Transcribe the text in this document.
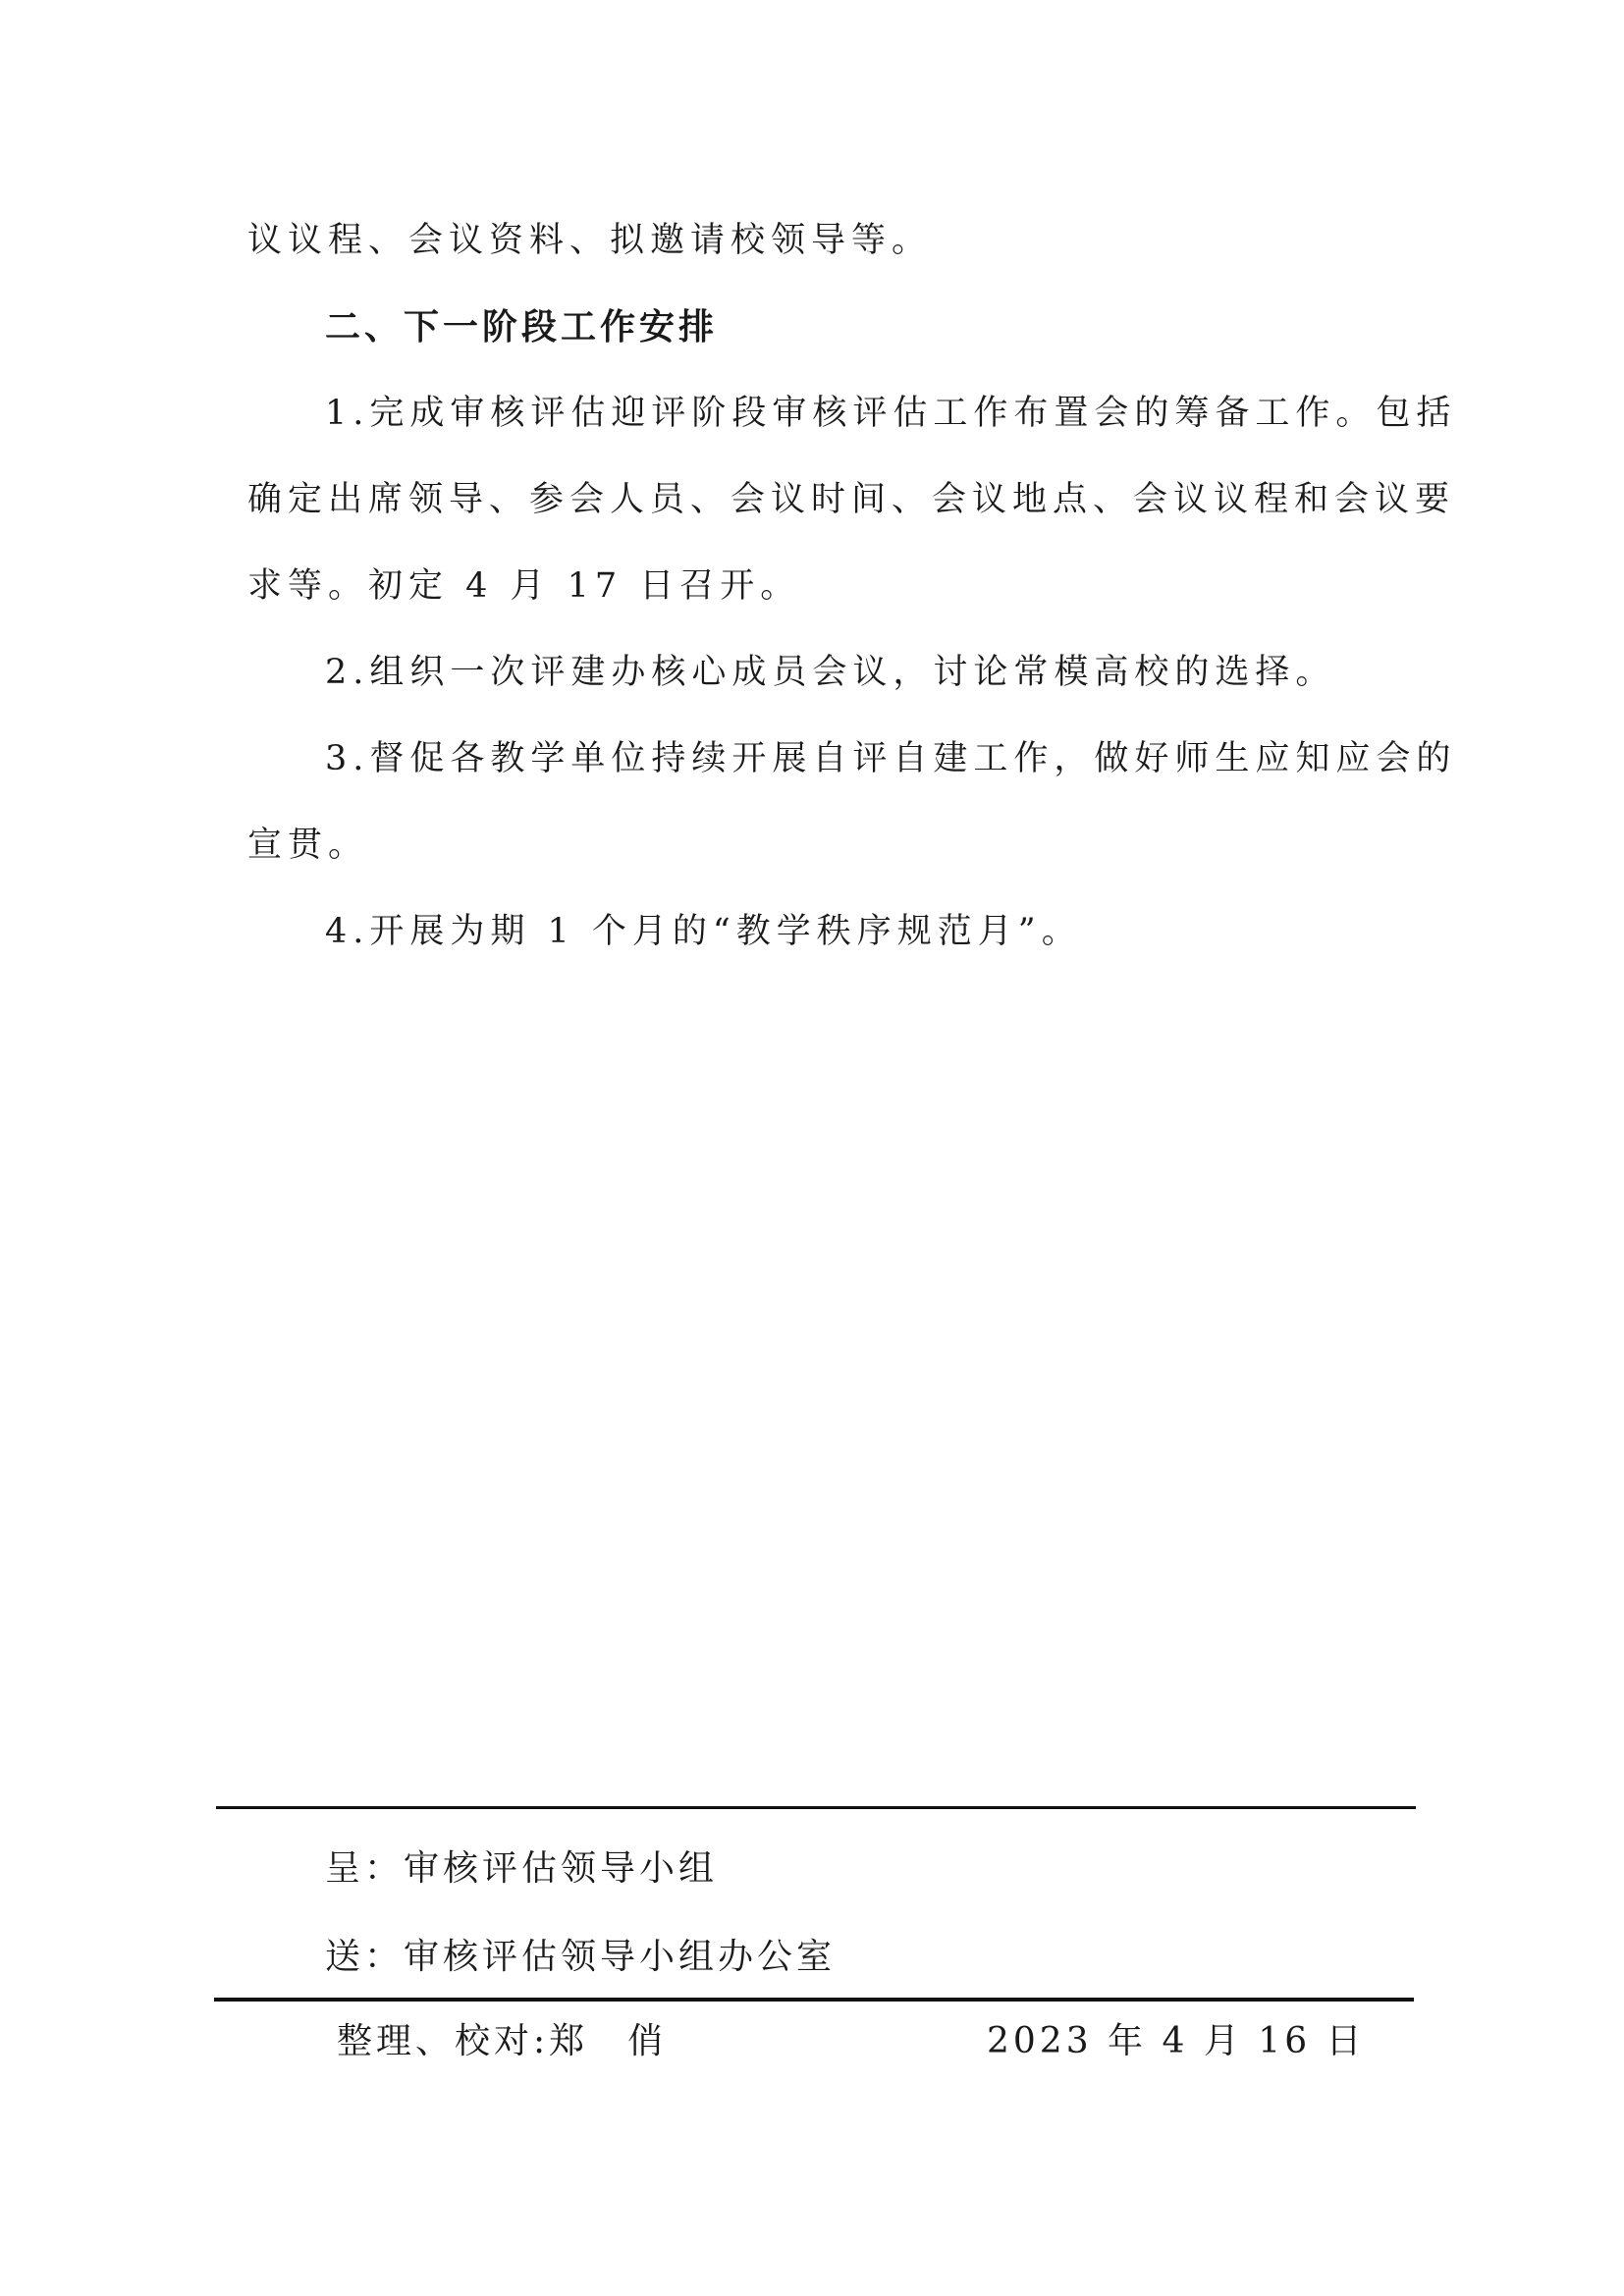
议议程、会议资料、拟邀请校领导等。
二、下一阶段工作安排
1.完成审核评估迎评阶段审核评估工作布置会的筹备工作。包括
确定出席领导、参会人员、会议时间、会议地点、会议议程和会议要
求等。初定 4 月 17 日召开。
2.组织一次评建办核心成员会议，讨论常模高校的选择。
3.督促各教学单位持续开展自评自建工作，做好师生应知应会的
宣贯。
4.开展为期 1 个月的“教学秩序规范月”。
呈：审核评估领导小组
送：审核评估领导小组办公室
整理、校对:郑　俏	2023 年 4 月 16 日
